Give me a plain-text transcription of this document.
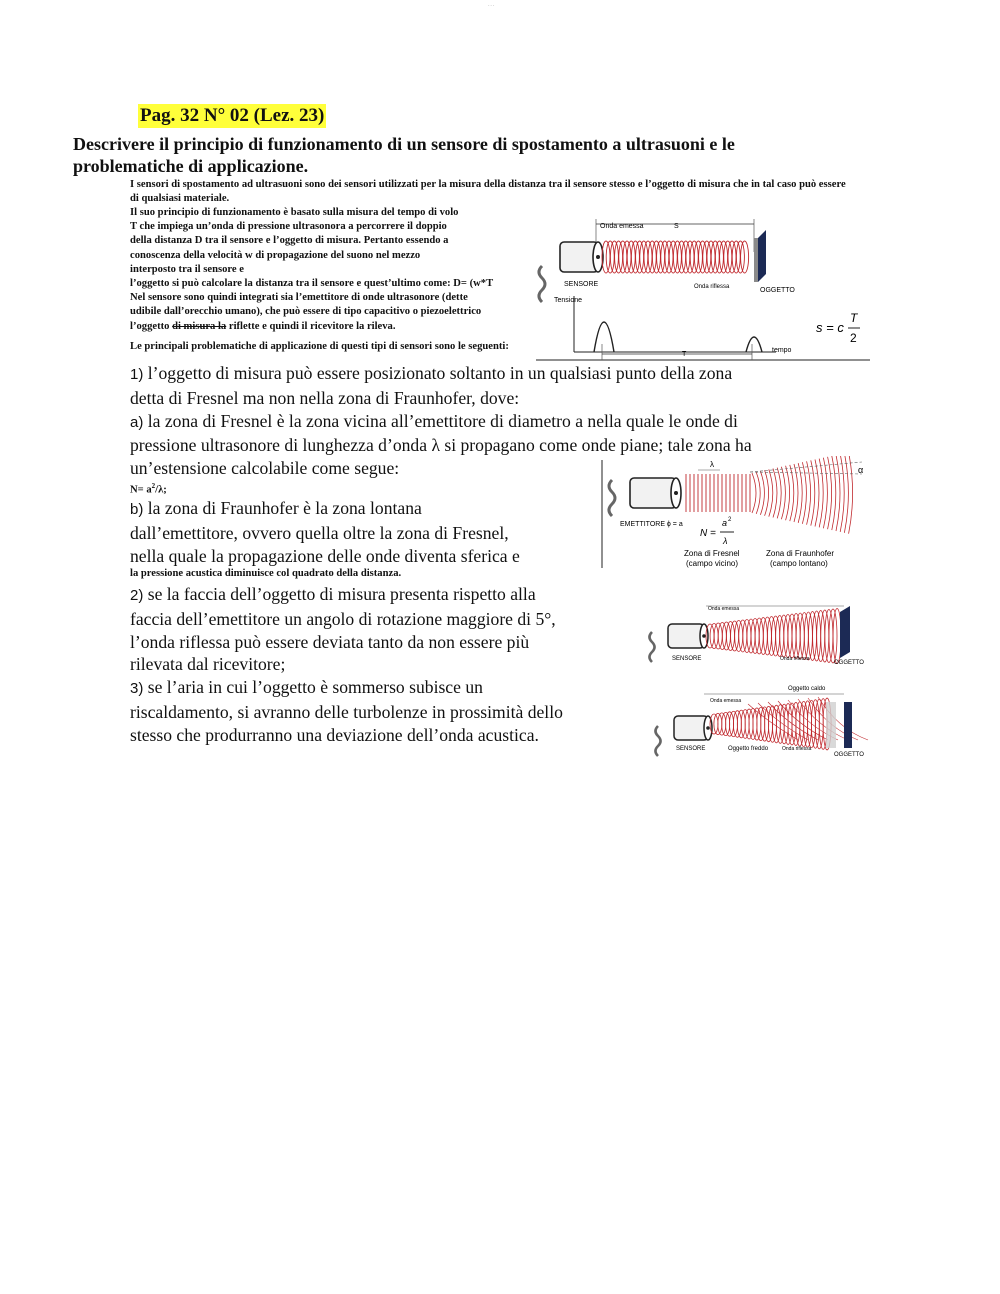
- - -
Pag. 32 N° 02 (Lez. 23)
Descrivere il principio di funzionamento di un sensore di spostamento a ultrasuoni e le problematiche di applicazione.
I sensori di spostamento ad ultrasuoni sono dei sensori utilizzati per la misura della distanza tra il sensore stesso e l’oggetto di misura che in tal caso può essere di qualsiasi materiale.
Il suo principio di funzionamento è basato sulla misura del tempo di volo
T che impiega un’onda di pressione ultrasonora a percorrere il doppio
della distanza D tra il sensore e l’oggetto di misura. Pertanto essendo a
conoscenza della velocità w di propagazione del suono nel mezzo
interposto tra il sensore e
l’oggetto si può calcolare la distanza tra il sensore e quest’ultimo come: D= (w*T
Nel sensore sono quindi integrati sia l’emettitore di onde ultrasonore (dette
udibile dall’orecchio umano), che può essere di tipo capacitivo o piezoelettrico
l’oggetto di misura la riflette e quindi il ricevitore la rileva.
Le principali problematiche di applicazione di questi tipi di sensori sono le seguenti:
1) l’oggetto di misura può essere posizionato soltanto in un qualsiasi punto della zona
detta di Fresnel ma non nella zona di Fraunhofer, dove:
a) la zona di Fresnel è la zona vicina all’emettitore di diametro a nella quale le onde di
pressione ultrasonore di lunghezza d’onda λ si propagano come onde piane; tale zona ha
un’estensione calcolabile come segue:
$N= a^2/\lambda$;
b) la zona di Fraunhofer è la zona lontana
dall’emettitore, ovvero quella oltre la zona di Fresnel,
nella quale la propagazione delle onde diventa sferica e
la pressione acustica diminuisce col quadrato della distanza.
2) se la faccia dell’oggetto di misura presenta rispetto alla
faccia dell’emettitore un angolo di rotazione maggiore di 5°,
l’onda riflessa può essere deviata tanto da non essere più
rilevata dal ricevitore;
3) se l’aria in cui l’oggetto è sommerso subisce un
riscaldamento, si avranno delle turbolenze in prossimità dello
stesso che produrranno una deviazione dell’onda acustica.
Onda emessa	S
SENSORE	Onda riflessa	OGGETTO
Tensione
T
tempo
s = c
T
2
λ
α
EMETTITORE ϕ = a
N =
a 2
λ
Zona di Fresnel
(campo vicino)
Zona di Fraunhofer
(campo lontano)
Onda emessa
SENSORE	Onda riflessa
OGGETTO
Oggetto caldo
Onda emessa
SENSORE	Oggetto freddo	Onda riflessa
OGGETTO
